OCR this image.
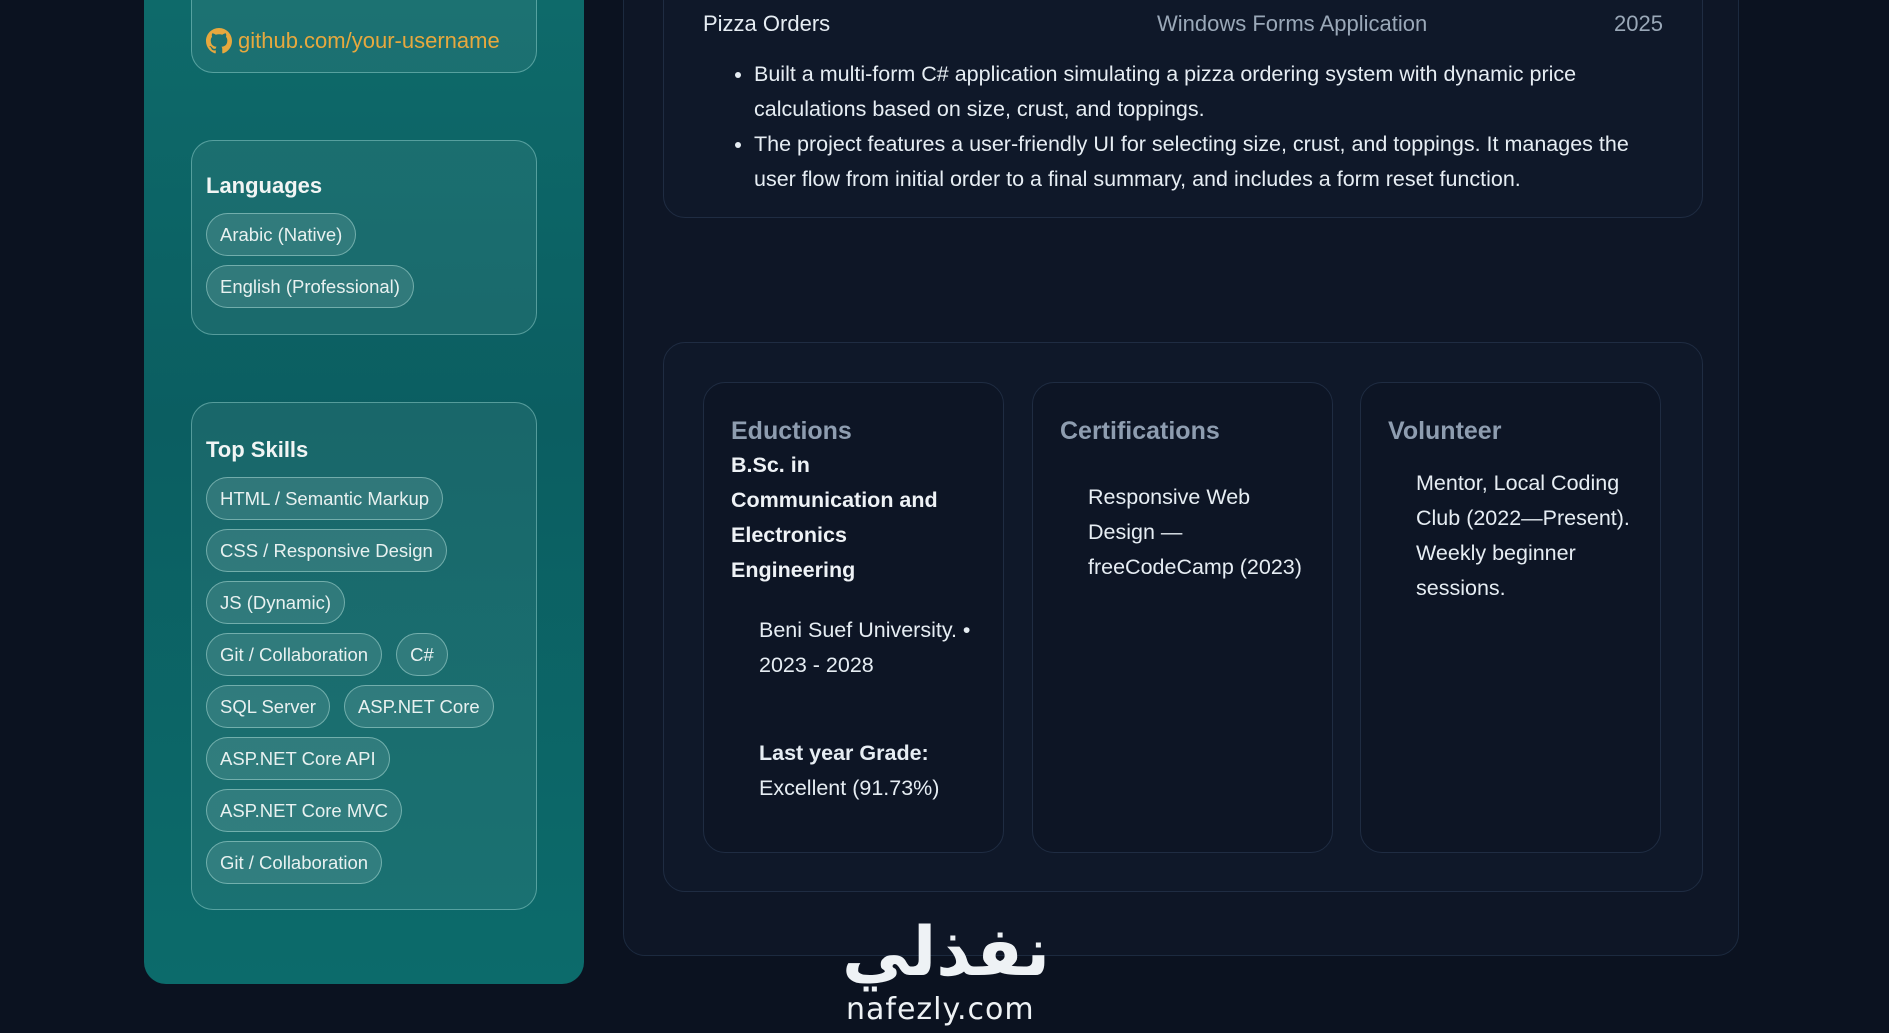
github.com/your-username
Languages
Arabic (Native)
English (Professional)
Top Skills
HTML / Semantic Markup
CSS / Responsive Design
JS (Dynamic)
Git / Collaboration	C#
SQL Server	ASP.NET Core
ASP.NET Core API
ASP.NET Core MVC
Git / Collaboration
Pizza Orders	Windows Forms Application	2025
• Built a multi-form C# application simulating a pizza ordering system with dynamic price calculations based on size, crust, and toppings.
• The project features a user-friendly UI for selecting size, crust, and toppings. It manages the user flow from initial order to a final summary, and includes a form reset function.
Eductions
B.Sc. in Communication and Electronics Engineering
Beni Suef University. • 2023 - 2028
Last year Grade:
Excellent (91.73%)
Certifications
Responsive Web Design — freeCodeCamp (2023)
Volunteer
Mentor, Local Coding Club (2022—Present). Weekly beginner sessions.
نفذلي
nafezly.com
